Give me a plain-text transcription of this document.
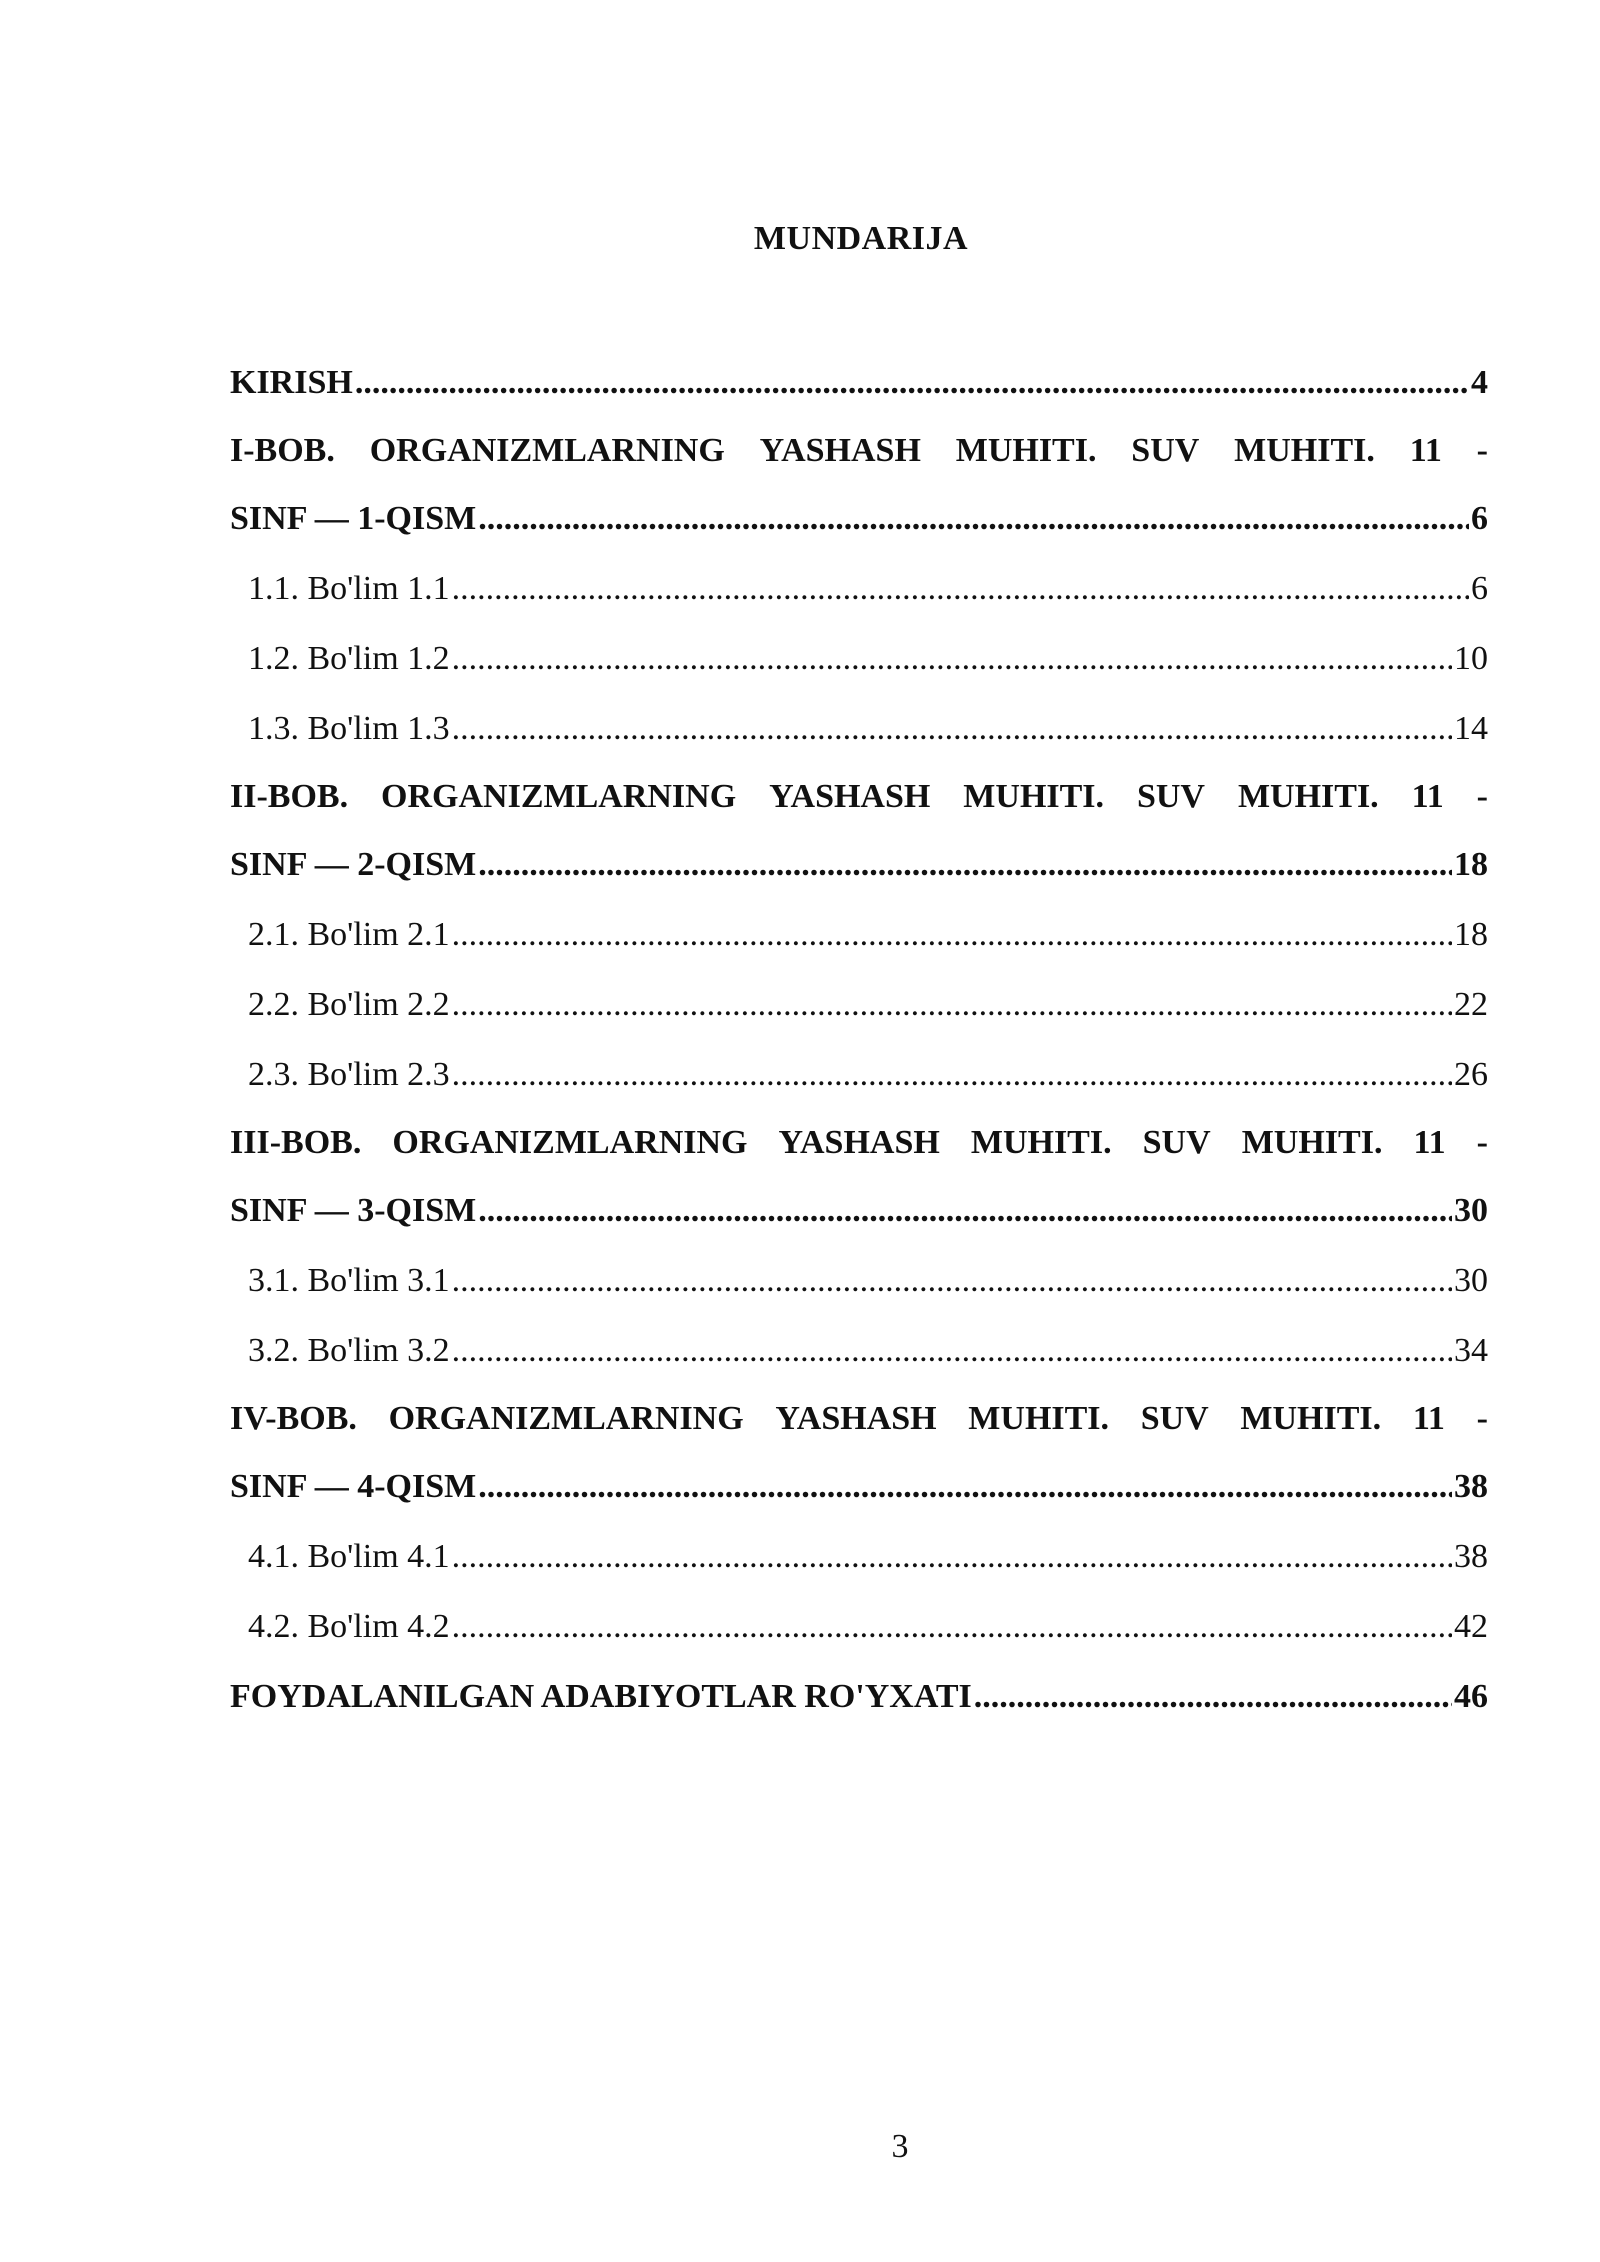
MUNDARIJA
KIRISH .....	4
I-BOB. ORGANIZMLARNING YASHASH MUHITI. SUV MUHITI. 11 -
SINF — 1-QISM .....	6
1.1. Bo'lim 1.1 .....	6
1.2. Bo'lim 1.2 .....	10
1.3. Bo'lim 1.3 .....	14
II-BOB. ORGANIZMLARNING YASHASH MUHITI. SUV MUHITI. 11 -
SINF — 2-QISM .....	18
2.1. Bo'lim 2.1 .....	18
2.2. Bo'lim 2.2 .....	22
2.3. Bo'lim 2.3 .....	26
III-BOB. ORGANIZMLARNING YASHASH MUHITI. SUV MUHITI. 11 -
SINF — 3-QISM .....	30
3.1. Bo'lim 3.1 .....	30
3.2. Bo'lim 3.2 .....	34
IV-BOB. ORGANIZMLARNING YASHASH MUHITI. SUV MUHITI. 11 -
SINF — 4-QISM .....	38
4.1. Bo'lim 4.1 .....	38
4.2. Bo'lim 4.2 .....	42
FOYDALANILGAN ADABIYOTLAR RO'YXATI .....	46
3
